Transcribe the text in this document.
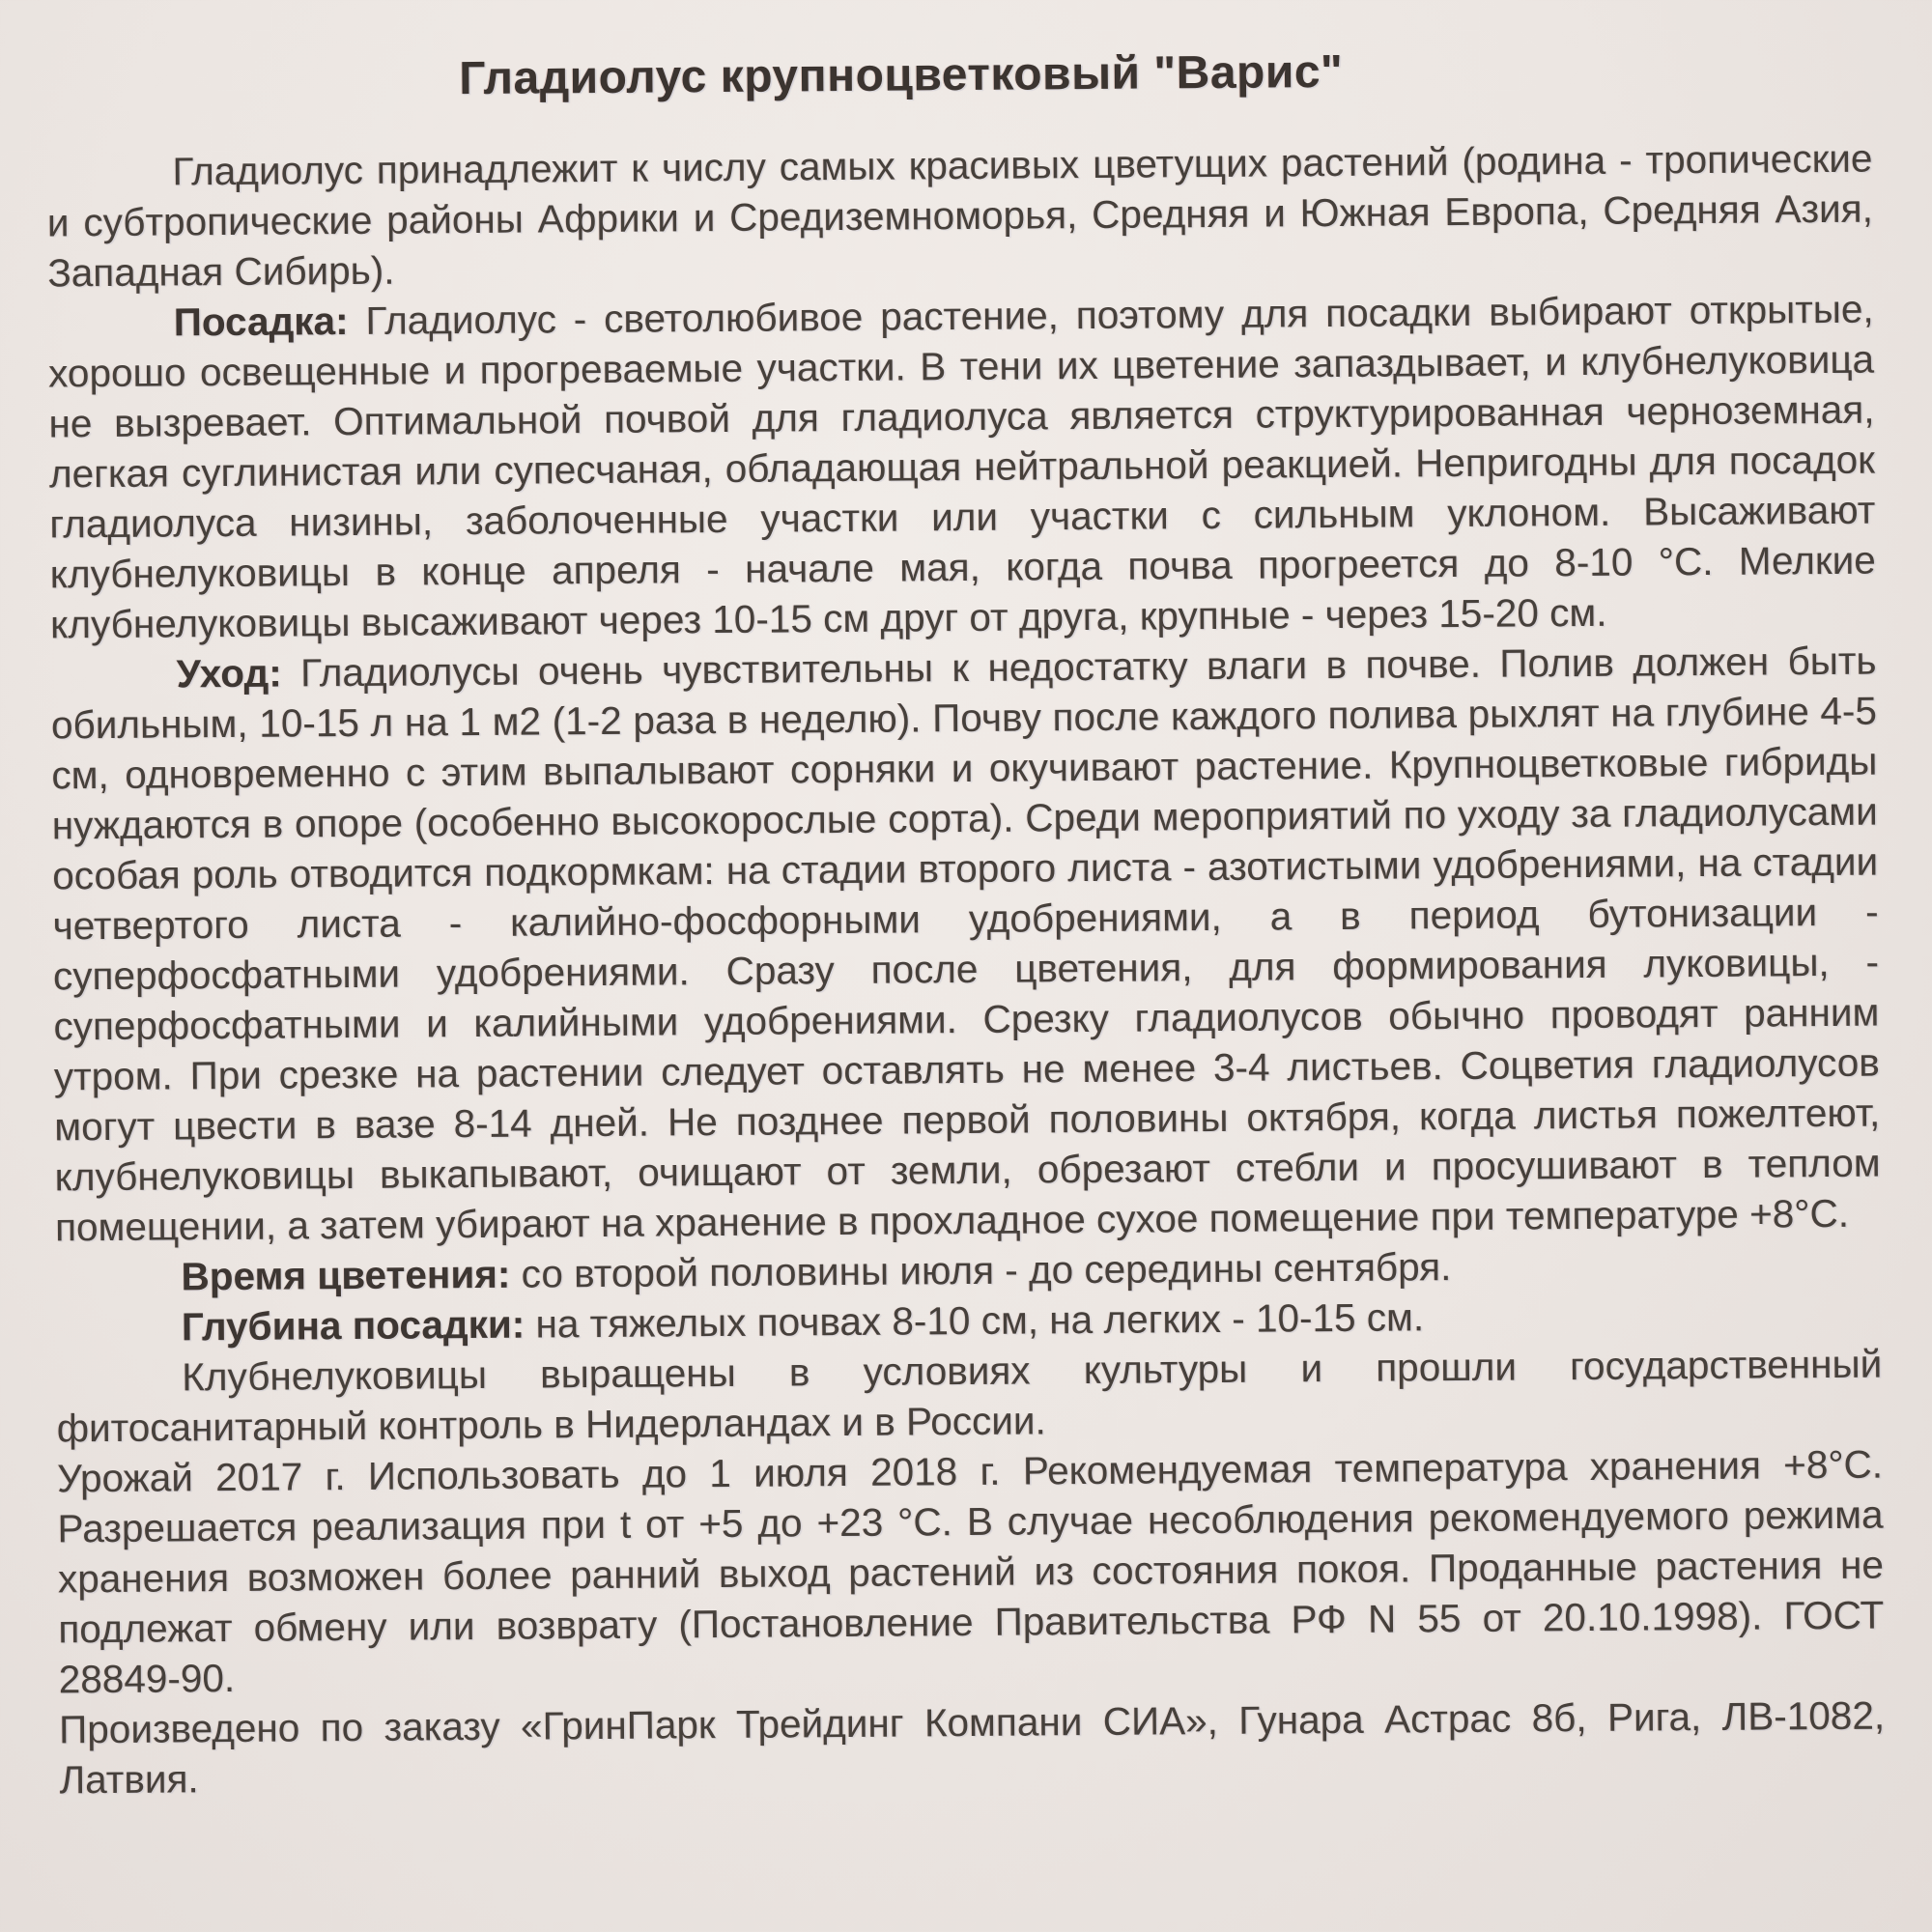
Гладиолус крупноцветковый "Варис"

Гладиолус принадлежит к числу самых красивых цветущих растений (родина - тропические и субтропические районы Африки и Средиземноморья, Средняя и Южная Европа, Средняя Азия, Западная Сибирь).

Посадка: Гладиолус - светолюбивое растение, поэтому для посадки выбирают открытые, хорошо освещенные и прогреваемые участки. В тени их цветение запаздывает, и клубнелуковица не вызревает. Оптимальной почвой для гладиолуса является структурированная черноземная, легкая суглинистая или супесчаная, обладающая нейтральной реакцией. Непригодны для посадок гладиолуса низины, заболоченные участки или участки с сильным уклоном. Высаживают клубнелуковицы в конце апреля - начале мая, когда почва прогреется до 8-10 °С. Мелкие клубнелуковицы высаживают через 10-15 см друг от друга, крупные - через 15-20 см.

Уход: Гладиолусы очень чувствительны к недостатку влаги в почве. Полив должен быть обильным, 10-15 л на 1 м2 (1-2 раза в неделю). Почву после каждого полива рыхлят на глубине 4-5 см, одновременно с этим выпалывают сорняки и окучивают растение. Крупноцветковые гибриды нуждаются в опоре (особенно высокорослые сорта). Среди мероприятий по уходу за гладиолусами особая роль отводится подкормкам: на стадии второго листа - азотистыми удобрениями, на стадии четвертого листа - калийно-фосфорными удобрениями, а в период бутонизации - суперфосфатными удобрениями. Сразу после цветения, для формирования луковицы, - суперфосфатными и калийными удобрениями. Срезку гладиолусов обычно проводят ранним утром. При срезке на растении следует оставлять не менее 3-4 листьев. Соцветия гладиолусов могут цвести в вазе 8-14 дней. Не позднее первой половины октября, когда листья пожелтеют, клубнелуковицы выкапывают, очищают от земли, обрезают стебли и просушивают в теплом помещении, а затем убирают на хранение в прохладное сухое помещение при температуре +8°С.

Время цветения: со второй половины июля - до середины сентября.

Глубина посадки: на тяжелых почвах 8-10 см, на легких - 10-15 см.

Клубнелуковицы выращены в условиях культуры и прошли государственный фитосанитарный контроль в Нидерландах и в России.

Урожай 2017 г. Использовать до 1 июля 2018 г. Рекомендуемая температура хранения +8°С. Разрешается реализация при t от +5 до +23 °С. В случае несоблюдения рекомендуемого режима хранения возможен более ранний выход растений из состояния покоя. Проданные растения не подлежат обмену или возврату (Постановление Правительства РФ N 55 от 20.10.1998). ГОСТ 28849-90.

Произведено по заказу «ГринПарк Трейдинг Компани СИА», Гунара Астрас 8б, Рига, ЛВ-1082, Латвия.
